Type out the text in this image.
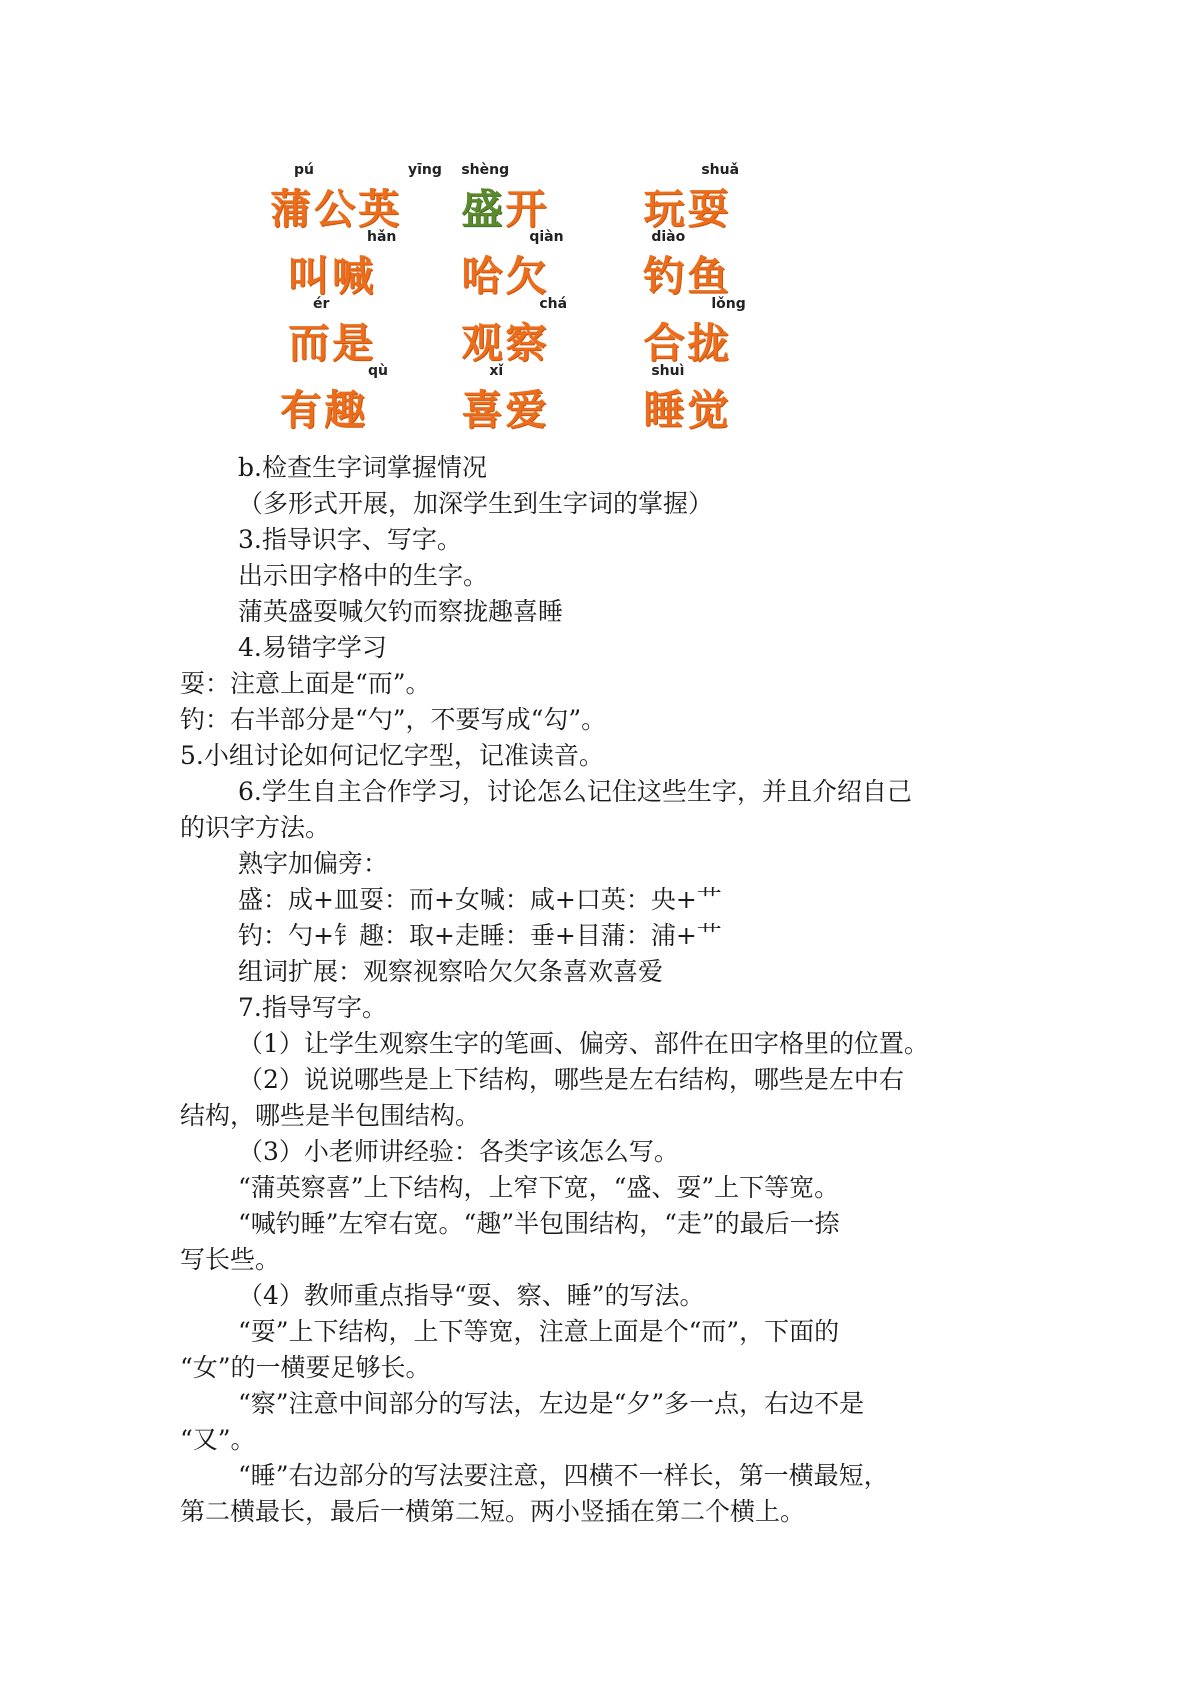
pú	yīng
蒲公英
shèng
盛开
shuǎ
玩耍
hǎn
叫喊
qiàn
哈欠
diào
钓鱼
ér
而是
chá
观察
lǒng
合拢
qù
有趣
xǐ
喜爱
shuì
睡觉
b.检查生字词掌握情况
（多形式开展，加深学生到生字词的掌握）
3.指导识字、写字。
出示田字格中的生字。
蒲英盛耍喊欠钓而察拢趣喜睡
4.易错字学习
耍：注意上面是“而”。
钓：右半部分是“勺”，不要写成“勾”。
5.小组讨论如何记忆字型，记准读音。
6.学生自主合作学习，讨论怎么记住这些生字，并且介绍自己
的识字方法。
熟字加偏旁：
盛：成+皿耍：而+女喊：咸+口英：央+艹
钓：勺+钅趣：取+走睡：垂+目蒲：浦+艹
组词扩展：观察视察哈欠欠条喜欢喜爱
7.指导写字。
（1）让学生观察生字的笔画、偏旁、部件在田字格里的位置。
（2）说说哪些是上下结构，哪些是左右结构，哪些是左中右
结构，哪些是半包围结构。
（3）小老师讲经验：各类字该怎么写。
“蒲英察喜”上下结构，上窄下宽，“盛、耍”上下等宽。
“喊钓睡”左窄右宽。“趣”半包围结构，“走”的最后一捺
写长些。
（4）教师重点指导“耍、察、睡”的写法。
“耍”上下结构，上下等宽，注意上面是个“而”，下面的
“女”的一横要足够长。
“察”注意中间部分的写法，左边是“夕”多一点，右边不是
“又”。
“睡”右边部分的写法要注意，四横不一样长，第一横最短，
第二横最长，最后一横第二短。两小竖插在第二个横上。
